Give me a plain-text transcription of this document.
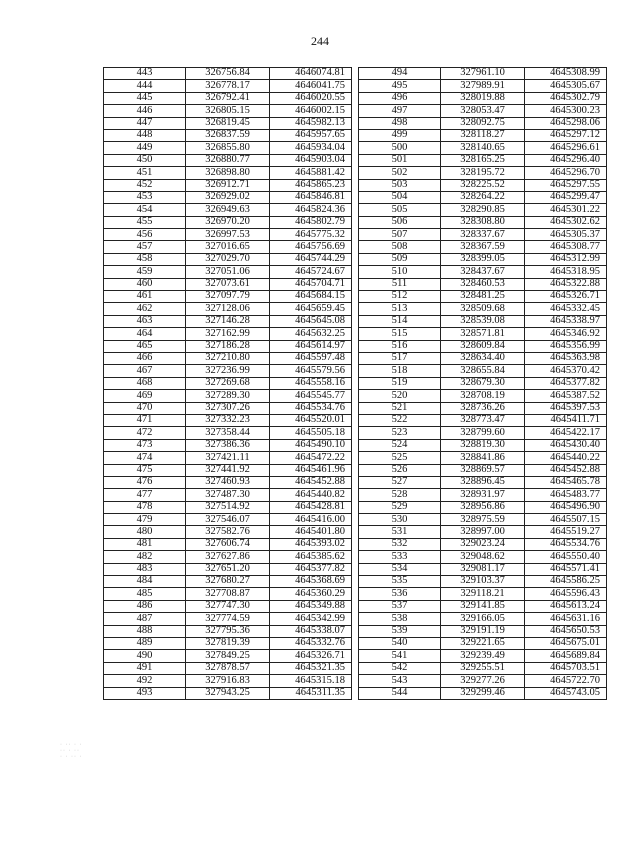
244
443	326756.84	4646074.81
444	326778.17	4646041.75
445	326792.41	4646020.55
446	326805.15	4646002.15
447	326819.45	4645982.13
448	326837.59	4645957.65
449	326855.80	4645934.04
450	326880.77	4645903.04
451	326898.80	4645881.42
452	326912.71	4645865.23
453	326929.02	4645846.81
454	326949.63	4645824.36
455	326970.20	4645802.79
456	326997.53	4645775.32
457	327016.65	4645756.69
458	327029.70	4645744.29
459	327051.06	4645724.67
460	327073.61	4645704.71
461	327097.79	4645684.15
462	327128.06	4645659.45
463	327146.28	4645645.08
464	327162.99	4645632.25
465	327186.28	4645614.97
466	327210.80	4645597.48
467	327236.99	4645579.56
468	327269.68	4645558.16
469	327289.30	4645545.77
470	327307.26	4645534.76
471	327332.23	4645520.01
472	327358.44	4645505.18
473	327386.36	4645490.10
474	327421.11	4645472.22
475	327441.92	4645461.96
476	327460.93	4645452.88
477	327487.30	4645440.82
478	327514.92	4645428.81
479	327546.07	4645416.00
480	327582.76	4645401.80
481	327606.74	4645393.02
482	327627.86	4645385.62
483	327651.20	4645377.82
484	327680.27	4645368.69
485	327708.87	4645360.29
486	327747.30	4645349.88
487	327774.59	4645342.99
488	327795.36	4645338.07
489	327819.39	4645332.76
490	327849.25	4645326.71
491	327878.57	4645321.35
492	327916.83	4645315.18
493	327943.25	4645311.35
494	327961.10	4645308.99
495	327989.91	4645305.67
496	328019.88	4645302.79
497	328053.47	4645300.23
498	328092.75	4645298.06
499	328118.27	4645297.12
500	328140.65	4645296.61
501	328165.25	4645296.40
502	328195.72	4645296.70
503	328225.52	4645297.55
504	328264.22	4645299.47
505	328290.85	4645301.22
506	328308.80	4645302.62
507	328337.67	4645305.37
508	328367.59	4645308.77
509	328399.05	4645312.99
510	328437.67	4645318.95
511	328460.53	4645322.88
512	328481.25	4645326.71
513	328509.68	4645332.45
514	328539.08	4645338.97
515	328571.81	4645346.92
516	328609.84	4645356.99
517	328634.40	4645363.98
518	328655.84	4645370.42
519	328679.30	4645377.82
520	328708.19	4645387.52
521	328736.26	4645397.53
522	328773.47	4645411.71
523	328799.60	4645422.17
524	328819.30	4645430.40
525	328841.86	4645440.22
526	328869.57	4645452.88
527	328896.45	4645465.78
528	328931.97	4645483.77
529	328956.86	4645496.90
530	328975.59	4645507.15
531	328997.00	4645519.27
532	329023.24	4645534.76
533	329048.62	4645550.40
534	329081.17	4645571.41
535	329103.37	4645586.25
536	329118.21	4645596.43
537	329141.85	4645613.24
538	329166.05	4645631.16
539	329191.19	4645650.53
540	329221.65	4645675.01
541	329239.49	4645689.84
542	329255.51	4645703.51
543	329277.26	4645722.70
544	329299.46	4645743.05
· ·· · ·
·· · ··
· · ·· ·
